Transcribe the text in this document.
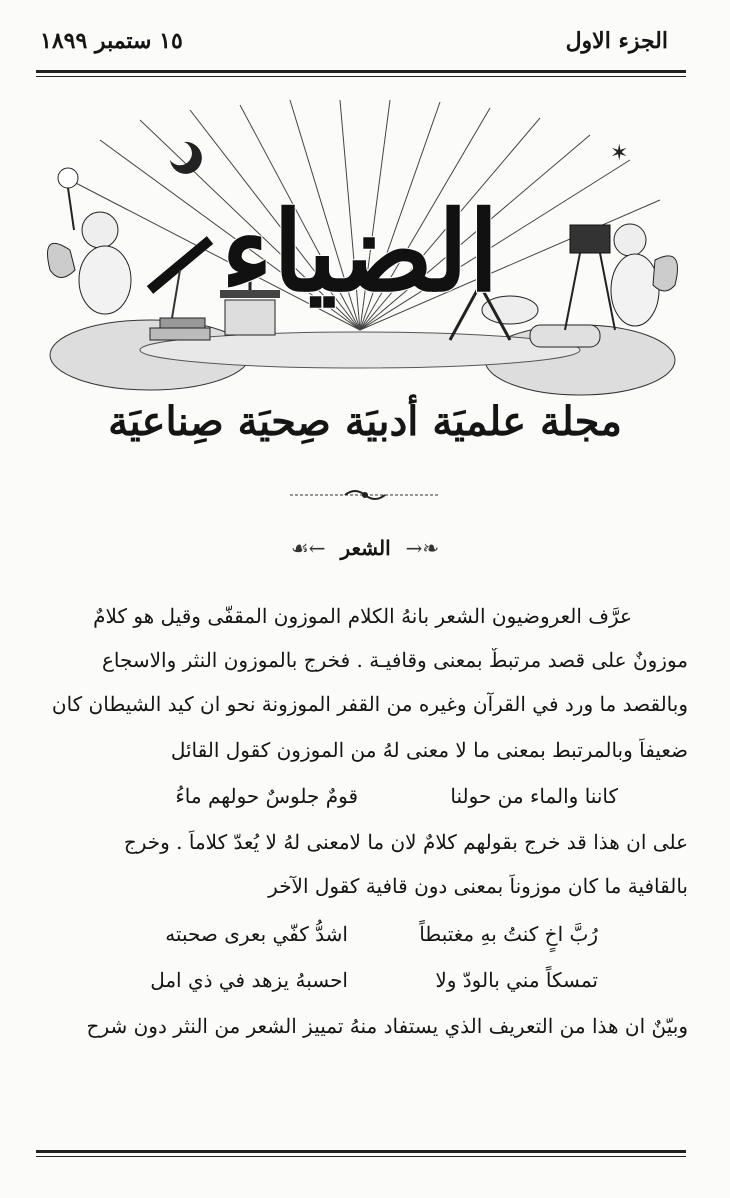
الجزء الاول
١٥ ستمبر ١٨٩٩
✶
الضياء
مجلة علميَة أدبيَة صِحيَة صِناعيَة
❧→ الشعر ←☙
عرَّف العروضيون الشعر بانهُ الكلام الموزون المقفّى وقيل هو كلامٌ
موزونٌ على قصد مرتبطٌ بمعنى وقافيـة . فخرج بالموزون النثر والاسجاع
وبالقصد ما ورد في القرآن وغيره من القفر الموزونة نحو ان كيد الشيطان كان
ضعيفاً وبالمرتبط بمعنى ما لا معنى لهُ من الموزون كقول القائل
كاننا والماء من حولنا
قومٌ جلوسٌ حولهم ماءُ
على ان هذا قد خرج بقولهم كلامٌ لان ما لامعنى لهُ لا يُعدّ كلاماً . وخرج
بالقافية ما كان موزوناً بمعنى دون قافية كقول الآخر
رُبَّ اخٍ كنتُ بهِ مغتبطاً
اشدُّ كفّي بعرى صحبته
تمسكاً مني بالودّ ولا
احسبهُ يزهد في ذي امل
وبيّنٌ ان هذا من التعريف الذي يستفاد منهُ تمييز الشعر من النثر دون شرح
